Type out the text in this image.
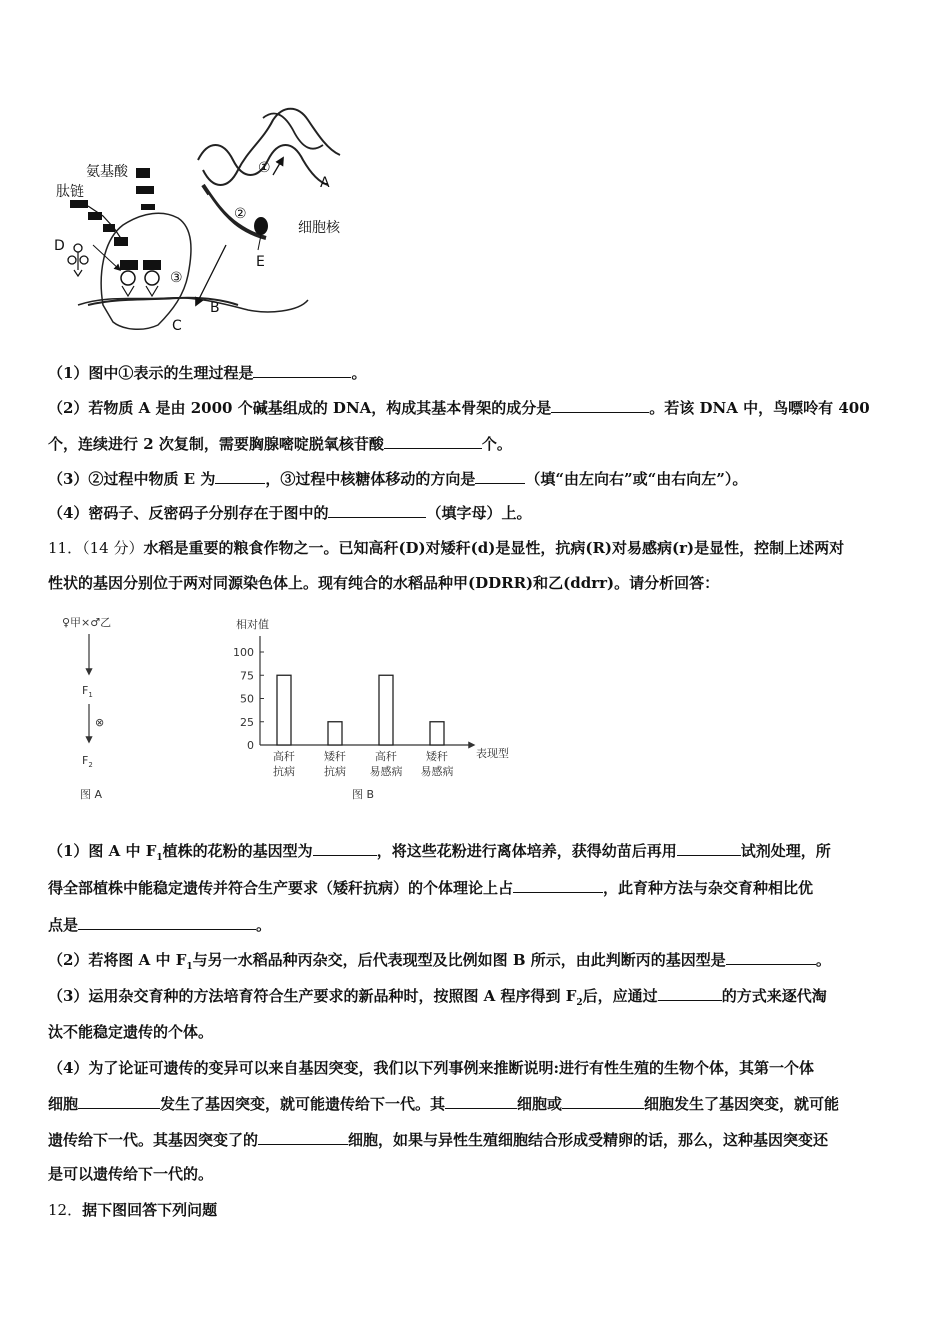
氨基酸
肽链
D
③
B
C
①
②
E
A
细胞核
（1）图中①表示的生理过程是	。
（2）若物质 A 是由 2000 个碱基组成的 DNA，构成其基本骨架的成分是	。若该 DNA 中，鸟嘌呤有 400
个，连续进行 2 次复制，需要胸腺嘧啶脱氧核苷酸	个。
（3）②过程中物质 E 为	，③过程中核糖体移动的方向是	（填“由左向右”或“由右向左”）。
（4）密码子、反密码子分别存在于图中的	（填字母）上。
11．（14 分）水稻是重要的粮食作物之一。已知高秆(D)对矮秆(d)是显性，抗病(R)对易感病(r)是显性，控制上述两对
性状的基因分别位于两对同源染色体上。现有纯合的水稻品种甲(DDRR)和乙(ddrr)。请分析回答：
♀甲×♂乙
$F_1$
⊗
$F_2$
图 A
相对值
0
25
50
75
100
高秆
抗病
矮秆
抗病
高秆
易感病
矮秆
易感病
表现型
图 B
（1）图 A 中 $F_1$植株的花粉的基因型为	，将这些花粉进行离体培养，获得幼苗后再用	试剂处理，所
得全部植株中能稳定遗传并符合生产要求（矮秆抗病）的个体理论上占	，此育种方法与杂交育种相比优
点是	。
（2）若将图 A 中 $F_1$与另一水稻品种丙杂交，后代表现型及比例如图 B 所示，由此判断丙的基因型是	。
（3）运用杂交育种的方法培育符合生产要求的新品种时，按照图 A 程序得到 $F_2$后，应通过	的方式来逐代淘
汰不能稳定遗传的个体。
（4）为了论证可遗传的变异可以来自基因突变，我们以下列事例来推断说明:进行有性生殖的生物个体，其第一个体
细胞	发生了基因突变，就可能遗传给下一代。其	细胞或	细胞发生了基因突变，就可能
遗传给下一代。其基因突变了的	细胞，如果与异性生殖细胞结合形成受精卵的话，那么，这种基因突变还
是可以遗传给下一代的。
12．据下图回答下列问题
